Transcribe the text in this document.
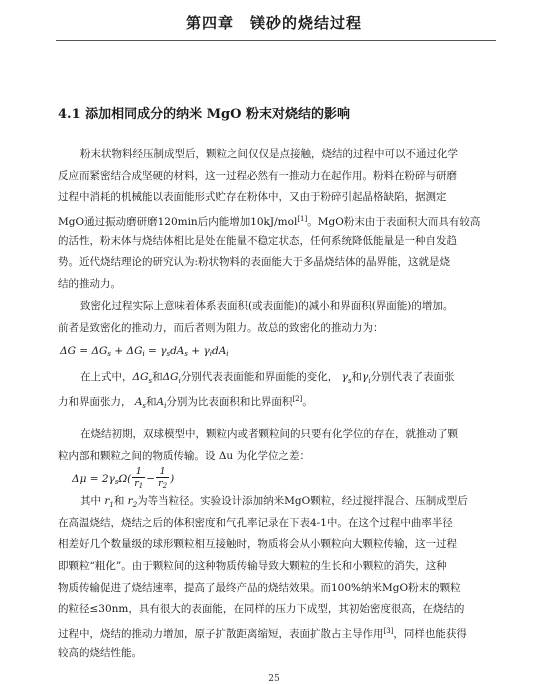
第四章　镁砂的烧结过程
4.1 添加相同成分的纳米 MgO 粉末对烧结的影响
粉末状物料经压制成型后，颗粒之间仅仅是点接触，烧结的过程中可以不通过化学
反应而紧密结合成坚硬的材料，这一过程必然有一推动力在起作用。粉料在粉碎与研磨
过程中消耗的机械能以表面能形式贮存在粉体中，又由于粉碎引起晶格缺陷，据测定
MgO通过振动磨研磨120min后内能增加10kJ/mol[1]。MgO粉末由于表面积大而具有较高
的活性，粉末体与烧结体相比是处在能量不稳定状态，任何系统降低能量是一种自发趋
势。近代烧结理论的研究认为:粉状物料的表面能大于多晶烧结体的晶界能，这就是烧
结的推动力。
致密化过程实际上意味着体系表面积(或表面能)的减小和界面积(界面能)的增加。
前者是致密化的推动力，而后者则为阻力。故总的致密化的推动力为：
$\Delta G = \Delta G_s + \Delta G_i = \gamma_sdA_s + \gamma_idA_i$
在上式中，$\Delta G_s$和$\Delta G_i$分别代表表面能和界面能的变化， $\gamma_s$和$\gamma_i$分别代表了表面张
力和界面张力， $A_s$和$A_i$分别为比表面积和比界面积[2]。
在烧结初期，双球模型中，颗粒内或者颗粒间的只要有化学位的存在，就推动了颗
粒内部和颗粒之间的物质传输。设 Δu 为化学位之差：
$\Delta\mu = 2\gamma_s\Omega( \frac{1}{r_1} - \frac{1}{r_2}$ )
其中 $r_1$和 $r_2$为等当粒径。实验设计添加纳米MgO颗粒，经过搅拌混合、压制成型后
在高温烧结，烧结之后的体积密度和气孔率记录在下表4-1中。在这个过程中曲率半径
相差好几个数量级的球形颗粒相互接触时，物质将会从小颗粒向大颗粒传输，这一过程
即颗粒“粗化”。由于颗粒间的这种物质传输导致大颗粒的生长和小颗粒的消失，这种
物质传输促进了烧结速率，提高了最终产品的烧结效果。而100%纳米MgO粉末的颗粒
的粒径≤30nm，具有很大的表面能，在同样的压力下成型，其初始密度很高，在烧结的
过程中，烧结的推动力增加，原子扩散距离缩短，表面扩散占主导作用[3]，同样也能获得
较高的烧结性能。
25
